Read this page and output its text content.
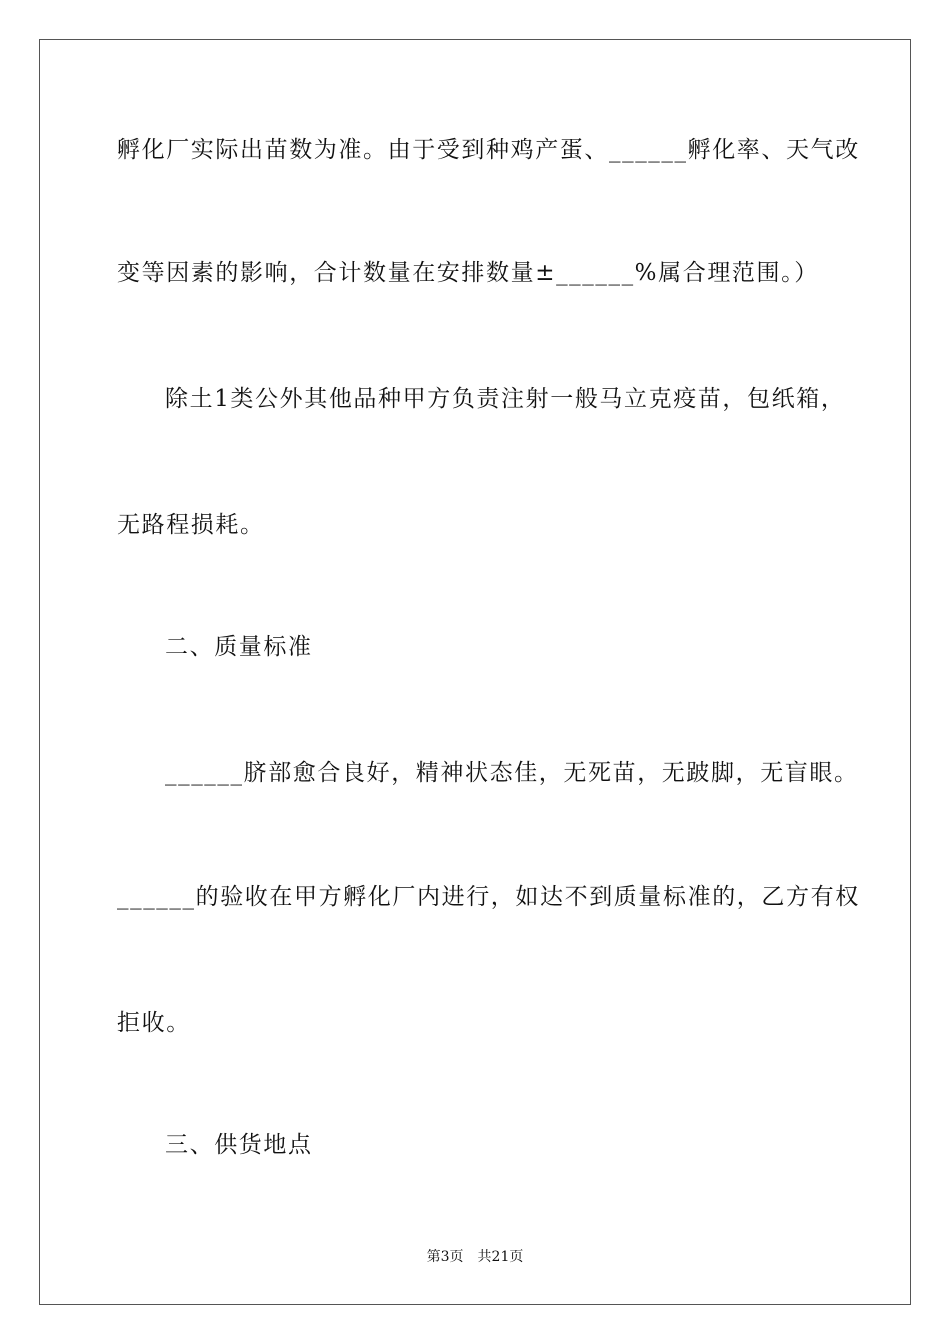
孵化厂实际出苗数为准。由于受到种鸡产蛋、______孵化率、天气改
变等因素的影响，合计数量在安排数量±______%属合理范围。）
除土1类公外其他品种甲方负责注射一般马立克疫苗，包纸箱，
无路程损耗。
二、质量标准
______脐部愈合良好，精神状态佳，无死苗，无跛脚，无盲眼。
______的验收在甲方孵化厂内进行，如达不到质量标准的，乙方有权
拒收。
三、供货地点
第3页 共21页
